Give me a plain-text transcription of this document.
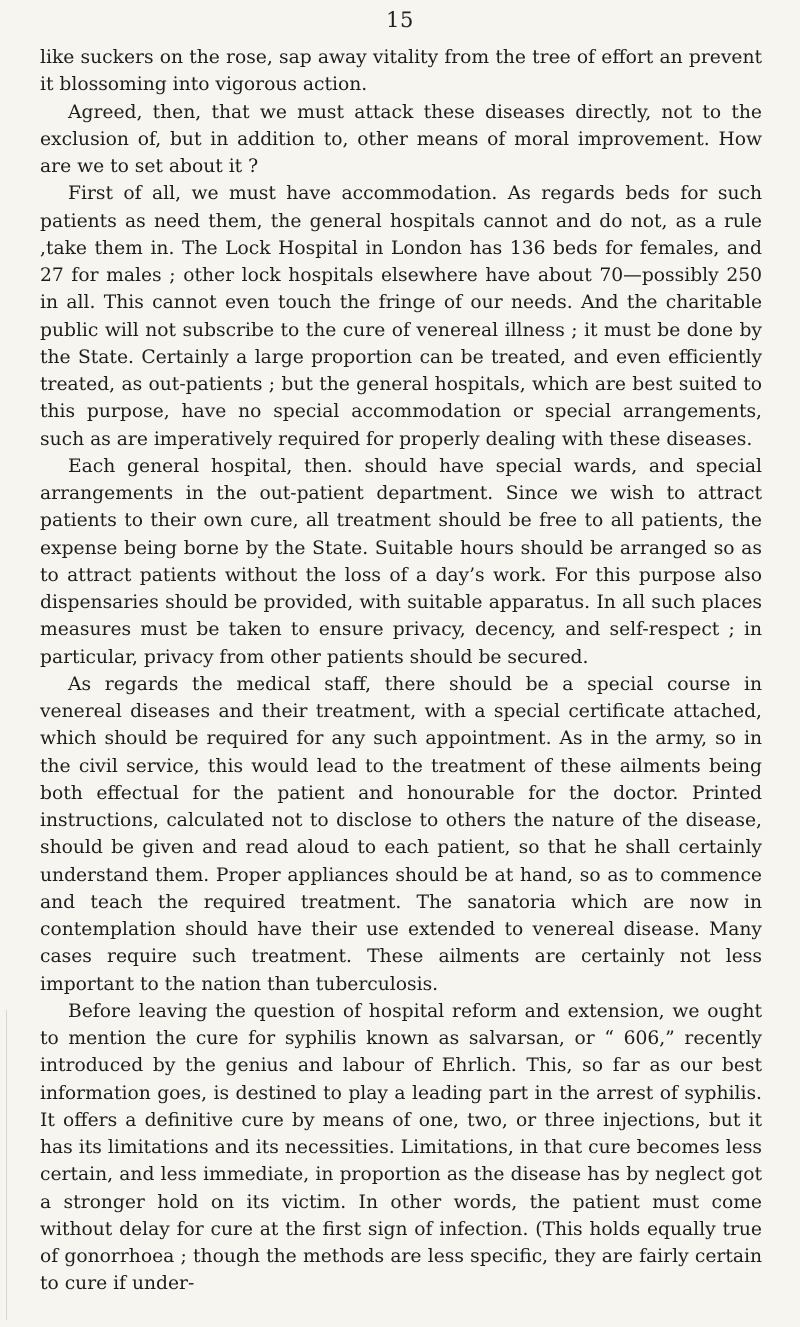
15

like suckers on the rose, sap away vitality from the tree of effort an prevent it blossoming into vigorous action.

Agreed, then, that we must attack these diseases directly, not to the exclusion of, but in addition to, other means of moral improvement. How are we to set about it ?

First of all, we must have accommodation. As regards beds for such patients as need them, the general hospitals cannot and do not, as a rule ,take them in. The Lock Hospital in London has 136 beds for females, and 27 for males ; other lock hospitals elsewhere have about 70—possibly 250 in all. This cannot even touch the fringe of our needs. And the charitable public will not subscribe to the cure of venereal illness ; it must be done by the State. Certainly a large proportion can be treated, and even efficiently treated, as out-patients ; but the general hospitals, which are best suited to this purpose, have no special accommodation or special arrangements, such as are imperatively required for properly dealing with these diseases.

Each general hospital, then. should have special wards, and special arrangements in the out-patient department. Since we wish to attract patients to their own cure, all treatment should be free to all patients, the expense being borne by the State. Suitable hours should be arranged so as to attract patients without the loss of a day’s work. For this purpose also dispensaries should be provided, with suitable apparatus. In all such places measures must be taken to ensure privacy, decency, and self-respect ; in particular, privacy from other patients should be secured.

As regards the medical staff, there should be a special course in venereal diseases and their treatment, with a special certificate attached, which should be required for any such appointment. As in the army, so in the civil service, this would lead to the treatment of these ailments being both effectual for the patient and honourable for the doctor. Printed instructions, calculated not to disclose to others the nature of the disease, should be given and read aloud to each patient, so that he shall certainly understand them. Proper appliances should be at hand, so as to commence and teach the required treatment. The sanatoria which are now in contemplation should have their use extended to venereal disease. Many cases require such treatment. These ailments are certainly not less important to the nation than tuberculosis.

Before leaving the question of hospital reform and extension, we ought to mention the cure for syphilis known as salvarsan, or “ 606,” recently introduced by the genius and labour of Ehrlich. This, so far as our best information goes, is destined to play a leading part in the arrest of syphilis. It offers a definitive cure by means of one, two, or three injections, but it has its limitations and its necessities. Limitations, in that cure becomes less certain, and less immediate, in proportion as the disease has by neglect got a stronger hold on its victim. In other words, the patient must come without delay for cure at the first sign of infection. (This holds equally true of gonorrhoea ; though the methods are less specific, they are fairly certain to cure if under-
